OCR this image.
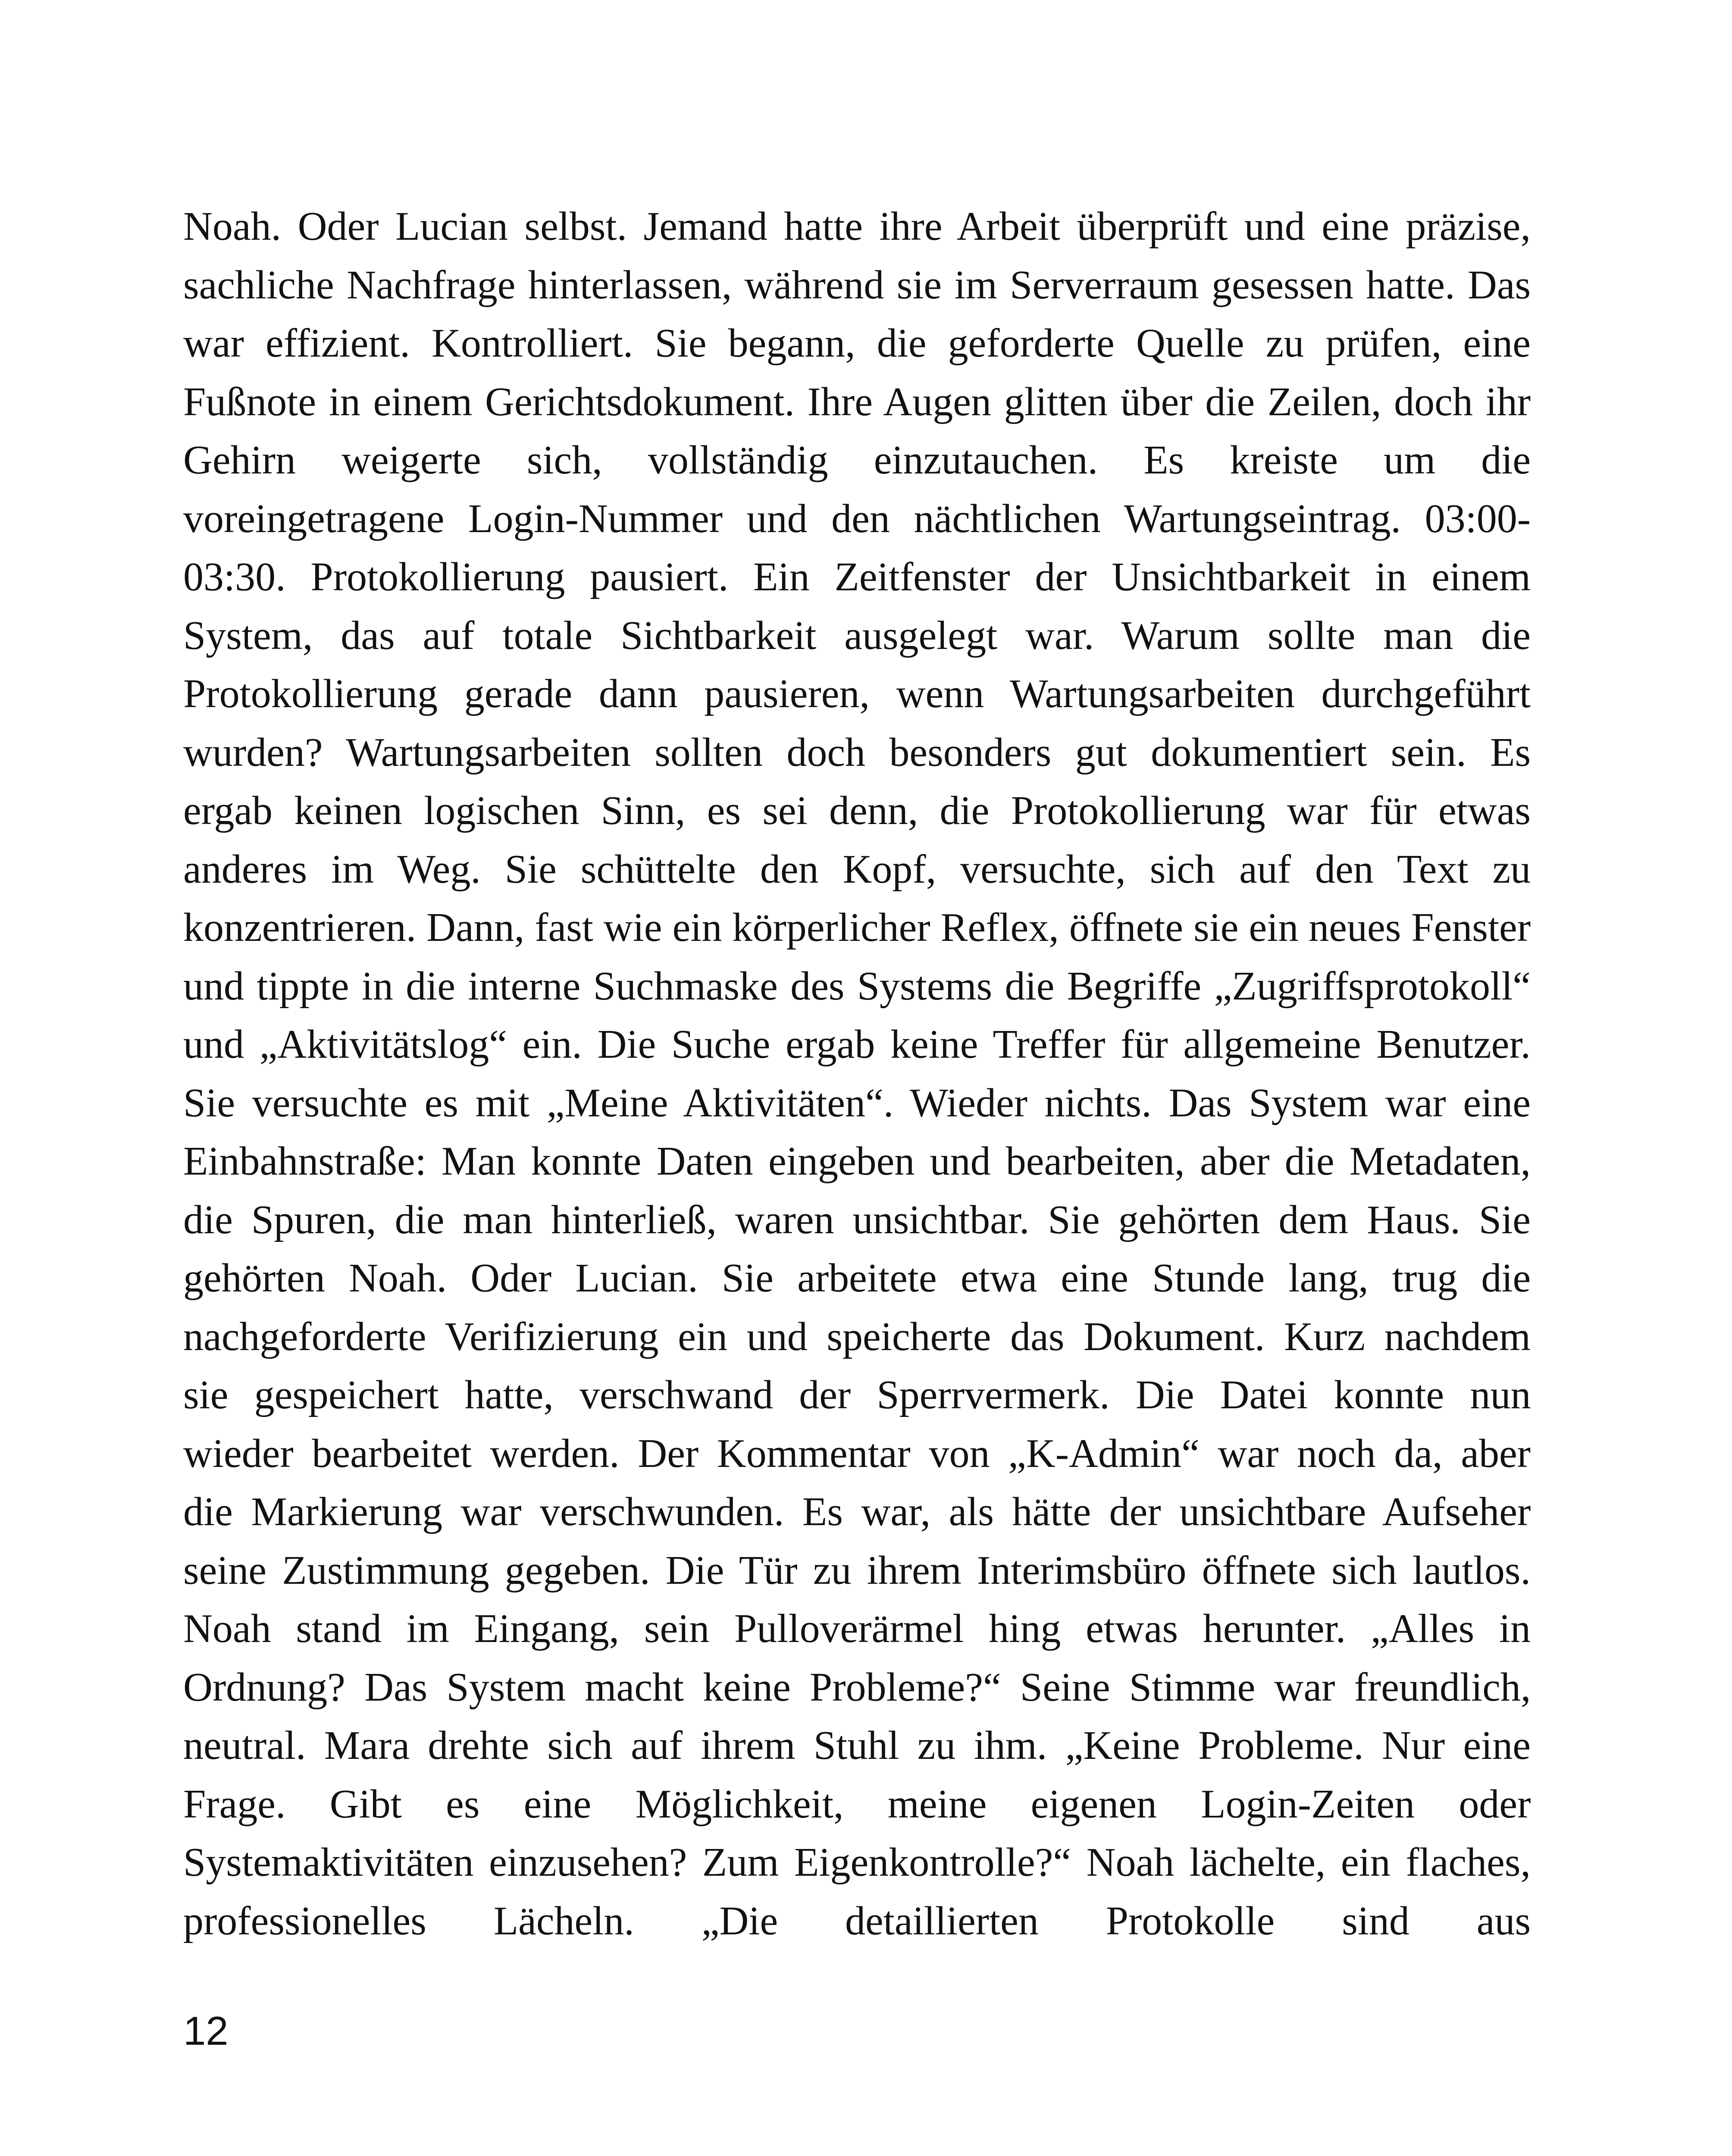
Noah. Oder Lucian selbst. Jemand hatte ihre Arbeit überprüft und eine präzise,
sachliche Nachfrage hinterlassen, während sie im Serverraum gesessen hatte. Das
war effizient. Kontrolliert. Sie begann, die geforderte Quelle zu prüfen, eine
Fußnote in einem Gerichtsdokument. Ihre Augen glitten über die Zeilen, doch ihr
Gehirn weigerte sich, vollständig einzutauchen. Es kreiste um die
voreingetragene Login-Nummer und den nächtlichen Wartungseintrag. 03:00-
03:30. Protokollierung pausiert. Ein Zeitfenster der Unsichtbarkeit in einem
System, das auf totale Sichtbarkeit ausgelegt war. Warum sollte man die
Protokollierung gerade dann pausieren, wenn Wartungsarbeiten durchgeführt
wurden? Wartungsarbeiten sollten doch besonders gut dokumentiert sein. Es
ergab keinen logischen Sinn, es sei denn, die Protokollierung war für etwas
anderes im Weg. Sie schüttelte den Kopf, versuchte, sich auf den Text zu
konzentrieren. Dann, fast wie ein körperlicher Reflex, öffnete sie ein neues Fenster
und tippte in die interne Suchmaske des Systems die Begriffe „Zugriffsprotokoll“
und „Aktivitätslog“ ein. Die Suche ergab keine Treffer für allgemeine Benutzer.
Sie versuchte es mit „Meine Aktivitäten“. Wieder nichts. Das System war eine
Einbahnstraße: Man konnte Daten eingeben und bearbeiten, aber die Metadaten,
die Spuren, die man hinterließ, waren unsichtbar. Sie gehörten dem Haus. Sie
gehörten Noah. Oder Lucian. Sie arbeitete etwa eine Stunde lang, trug die
nachgeforderte Verifizierung ein und speicherte das Dokument. Kurz nachdem
sie gespeichert hatte, verschwand der Sperrvermerk. Die Datei konnte nun
wieder bearbeitet werden. Der Kommentar von „K-Admin“ war noch da, aber
die Markierung war verschwunden. Es war, als hätte der unsichtbare Aufseher
seine Zustimmung gegeben. Die Tür zu ihrem Interimsbüro öffnete sich lautlos.
Noah stand im Eingang, sein Pulloverärmel hing etwas herunter. „Alles in
Ordnung? Das System macht keine Probleme?“ Seine Stimme war freundlich,
neutral. Mara drehte sich auf ihrem Stuhl zu ihm. „Keine Probleme. Nur eine
Frage. Gibt es eine Möglichkeit, meine eigenen Login-Zeiten oder
Systemaktivitäten einzusehen? Zum Eigenkontrolle?“ Noah lächelte, ein flaches,
professionelles Lächeln. „Die detaillierten Protokolle sind aus
12
